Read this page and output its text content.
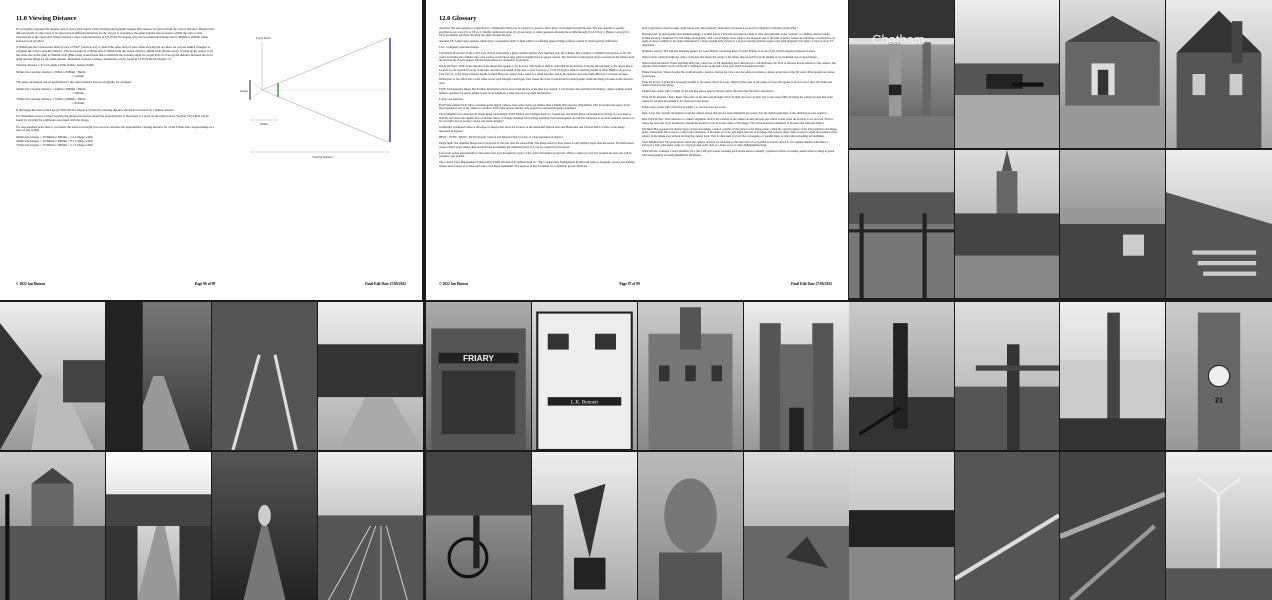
11.0 Viewing Distance

To accurately represent the angular size of real world objects when viewing photographic images they need to be viewed from the correct distance. Images with different fields of view need to be viewed from different distances for the viewer to experience the same angular size of objects within the view to that experienced at the viewpoint. When viewing a Type 4 photomontage (LI TGN 06/19 Chapter 4.5), the recommended image size is 390mm x 260mm when printed on an A3 sheet.

A 50mm lens has a horizontal field of view of 39.6° (Section 4.3), to match the same field of view when viewing the A3 sheet we can use similar triangles to calculate the correct viewing distance. The focal point of a 50mm lens is 50mm from the sensor which is 36mm wide (Frame Line). Scaling up the sensor to be the same size as the print at 390mm wide (Blue Line) would mean that to maintain the viewing angle we would have to scale up the distance between the focal point and the image by the same amount. Illustrated versions of these calculations can be found in LI TGN 06/19 Chapter 3.5.

Viewing distance = Focal Length x Print Width / Sensor Width

50mm lens viewing distance = 50mm x 390mm / 36mm

= 541mm

The same calculation can be performed for the other standard lens focal lengths, for example:

24mm lens viewing distance = 24mm x 390mm / 36mm

= 260mm

75mm lens viewing distance = 75mm x 390mm / 36mm

= 812mm

If the image has been scaled up (LI TGN 06/19 Chapter 4.5) then the viewing distance should be increased by a similar amount.

For maximum accuracy when viewing the images the viewer should be perpendicular to the image at a point on the Optical Axis (Section 5.0) which can be found by viewing the gridmarks associated with the image.

For non-standard print sizes if you know the lens focal length you can now calculate the approximate viewing distance for a Full Frame lens cropped image as a ratio of size width:

50mm lens images = 50/36mm x 390mm = 1.4 x image width

24mm lens images = 24/36mm x 390mm = 0.7 x image width

75mm lens images = 75/36mm x 390mm = 2.1 x image width

Focal Point
Sensor
50mm
Viewing Distance
© 2022 Ian Hutson	Page 96 of 99	Final Edit Date 27/06/2022
12.0 Glossary

Aperture: The lens aperture is controlled by a diaphragm which can be opened or closed to allow more or less light through the lens. The lens aperture is usually specified as an f-stop (f/1.4, f/8 etc.). Smaller numbered f-stops (f/1.4) are larger or wider apertures allowing more light through (f/1.4, f/8 etc.). Higher f-stops (f/16, f/22) are smaller apertures allowing less light through the lens.

Aperture f/8: A mid range aperture which gives a reasonable depth of field whilst not suffering general image softness caused by small aperture diffraction.

CGI - Computer Generated Image.

Cylindrical Projection: If the world were viewed from inside a glass cylinder and the view sketched onto the cylinder, this would be a cylindrical projection of the 3D world. Unrolling the cylinder onto a flat surface would mean uses vertical straight lines to appear curved. The distortion would appear more pronounced the further from the horizon the objects appear. Stitched panoramas are cylindrical projections.

Depth Of Field / DOF: Is the amount of the image that appears to be in focus. The depth of field is controlled by the distance from the photographer to the object that is focused on, the aperture (f-stop) of the lens, and the focal length of the lens. Lower f-stops (e.g. f/2.8, f/4.0) give shallow (smaller) depths of field. Higher f-stops (e.g. f/16, f/22 etc.) give larger (deeper) depths of field. However, large f-stops relate to a small aperture, and as the aperture decreases light diffracts to increase an issue.

Diffraction: Is the effect that occurs when waves pass through a small gap. This causes the wave to spread and in photographic terms the image becomes softer and less clear.

EXIF: Exchangeable Image File Format, information that is saved with the file at the time it is created. It can include date and time information, camera settings (serial number, aperture, f/s speed, shutter speed, focal length etc.), lens type and copyright information.

F-Stop: see Aperture.

Full Frame Digital SLR: Most consumer grade digital cameras have sensors that are smaller than a 35mm film negative (36x24mm). This is because the sensor is the most expensive part of the camera to produce. Full frame sensors usually only appear in professional grade equipment.

The Guidelines for Landscape & Visual Impact Assessment Third Edition 2013 defined itself as: “Landscape and Visual Impact Assessment (GLVIA) is a tool used to identify and assess the significance of and the effects of change resulting from change resulting from development on both the landscape as an environmental resource in its own right and on people’s views and visual amenity.”

Gridmarks: Graduated scales at the edges of images that show the location of the unstitched Optical Axis and Horizontal and Vertical Field of View of the image measured in degrees.

HFOV / VFOV / DFOV: The Horizontal, Vertical and Diagonal field of view of a lens measured in degrees.

Image Sink: The remedial image that is projected by the lens onto the sensor/film. The image field for most lenses is only slightly larger than the sensor. Tilt-shift lenses create a much larger image disk and such lens movements the additional parts of it can be captured by the sensor.

Lens Axis: A line perpendicular to the sensor that goes through the centre of the optics that makes up the lens. When a camera is correctly levelled the lens axis will be parallel to the ground.

The London View Management Framework (LVMF) introduces its defined itself as: “The London View Management Framework seeks to designate, protect and manage twenty-seven views of London and some of its major landmarks. The purpose of this document is to explain in greater detail the

policy approach to that borough, applications and other statutory authorities can assess a proposal's compliance with the London Plan.”

Normal Lens: In photography and cinematography, a normal lens is a lens that reproduces a field of view that generally looks “natural” to a human observer under normal viewing conditions. For full frame photography, with a focal length about equal to the diagonal size of the film or sensor format and therefore a normal lens, its angle of view is similar to the angle subtended by a large enough print viewed at a typical viewing distance equal to the print diagonal; this angle of view is about 53° diagonally.

Ordnance Survey: The national mapping agency for Great Britain, producing maps of Great Britain. It is one of the world’s largest producers of maps.

Optical Axis: A line through the centre of the lens that meets the centre of the image disk and will be in the middle of an un-shifted non-cropped image.

Optical Axis Deviation: When applying shift (also called rise or fall depending upon direction) to a tilt-shift lens, the front of the lens moves relative to the camera. The amount of movement can be read from a calibrated scale on the side of the lens which is measured in mm.

Planar Projection: When viewing the world through a window, tracing the view onto the window produces a planar projection of the 3D world. Photographs are planar projections.

Plane Of Focus: A plane that is usually parallel to the sensor that is in focus. Objects either side of the plane of focus will appear to be in focus if they fall within the depth of field for the image.

Plumb Line: A line with a weight on the end that shows what is directly below the point that the line is attached to.

Point Of No Parallax / Entry Pupil: The point on the lens axis through which all light rays pass on their way to the sensor/film. Rotating the camera around this point causes no parallax movement to be observed in the image.

Prime Lens: A lens with a fixed focal length, i.e. one that does not zoom.

Rise: A rise file contains information from the camera sensor that has not been minimally processed. It is the digital equivalent of the chemical process negative.

Roll, Pitch & Yaw: With reference to camera alignment, Roll is the rotation of the camera around the lens axis which would cause the horizon to not be level. Pitch is where the lens axis is not horizontal, causing the horizon to not be in the centre of the image. Yaw is the horizontal deviation of the lens axis from the subject.

Tilt-Shift: Has separate but distinct types of lens movement, rotation, relative of the plane for the image plane, called tilt, and movement of the lens parallel to the image plane, called shift. Tilt is used to control the orientation of the plane of focus, and hence the part of an image that appears sharp. Shift is used to adjust the position of the subject in the image area without moving the camera back. This is often used to avoid the convergence of parallel lines, as when photographing tall buildings.

View Datum Point: The point above which the camera and lens are mounted so that the point of no parallax is directly above it. It is usually marked with either a surveyor’s nail, paint mark, stake or a fixed ground point such as a drain cover or other distinguishing mark.

What3Words: A unique 3 word identifier for a 3m x 3m grid square, enabling each phone users to identify a general location accurately, useful when working in green field areas lacking an easily identifiable landmarks.

© 2022 Ian Hutson	Page 97 of 99	Final Edit Date 27/06/2022
FRIARY
L.K. Bennett	21
Chatham
